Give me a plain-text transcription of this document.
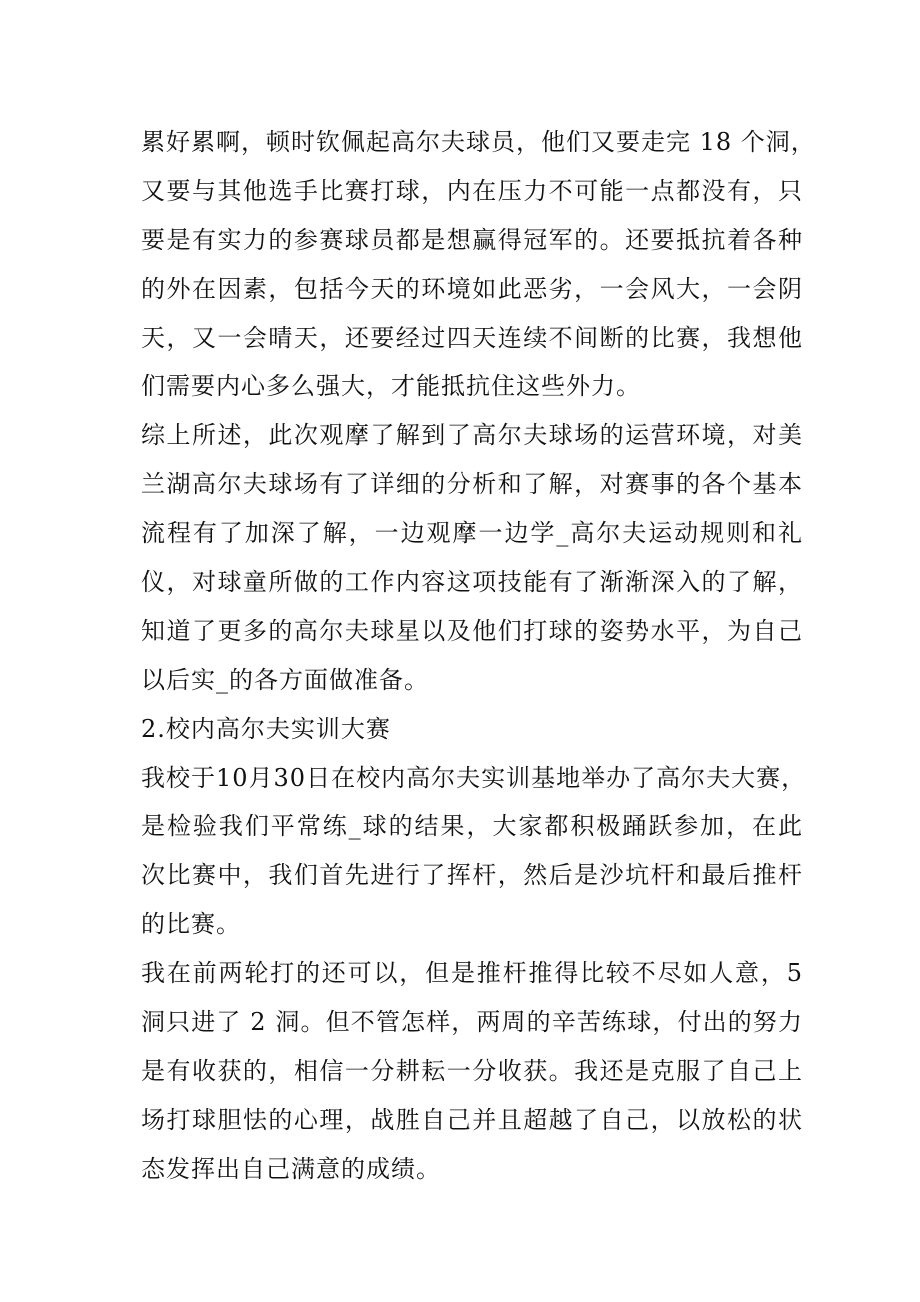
累好累啊，顿时钦佩起高尔夫球员，他们又要走完 18 个洞，
又要与其他选手比赛打球，内在压力不可能一点都没有，只
要是有实力的参赛球员都是想赢得冠军的。还要抵抗着各种
的外在因素，包括今天的环境如此恶劣，一会风大，一会阴
天，又一会晴天，还要经过四天连续不间断的比赛，我想他
们需要内心多么强大，才能抵抗住这些外力。
综上所述，此次观摩了解到了高尔夫球场的运营环境，对美
兰湖高尔夫球场有了详细的分析和了解，对赛事的各个基本
流程有了加深了解，一边观摩一边学_高尔夫运动规则和礼
仪，对球童所做的工作内容这项技能有了渐渐深入的了解，
知道了更多的高尔夫球星以及他们打球的姿势水平，为自己
以后实_的各方面做准备。
2.校内高尔夫实训大赛
我校于10月30日在校内高尔夫实训基地举办了高尔夫大赛，
是检验我们平常练_球的结果，大家都积极踊跃参加，在此
次比赛中，我们首先进行了挥杆，然后是沙坑杆和最后推杆
的比赛。
我在前两轮打的还可以，但是推杆推得比较不尽如人意，5
洞只进了 2 洞。但不管怎样，两周的辛苦练球，付出的努力
是有收获的，相信一分耕耘一分收获。我还是克服了自己上
场打球胆怯的心理，战胜自己并且超越了自己，以放松的状
态发挥出自己满意的成绩。
